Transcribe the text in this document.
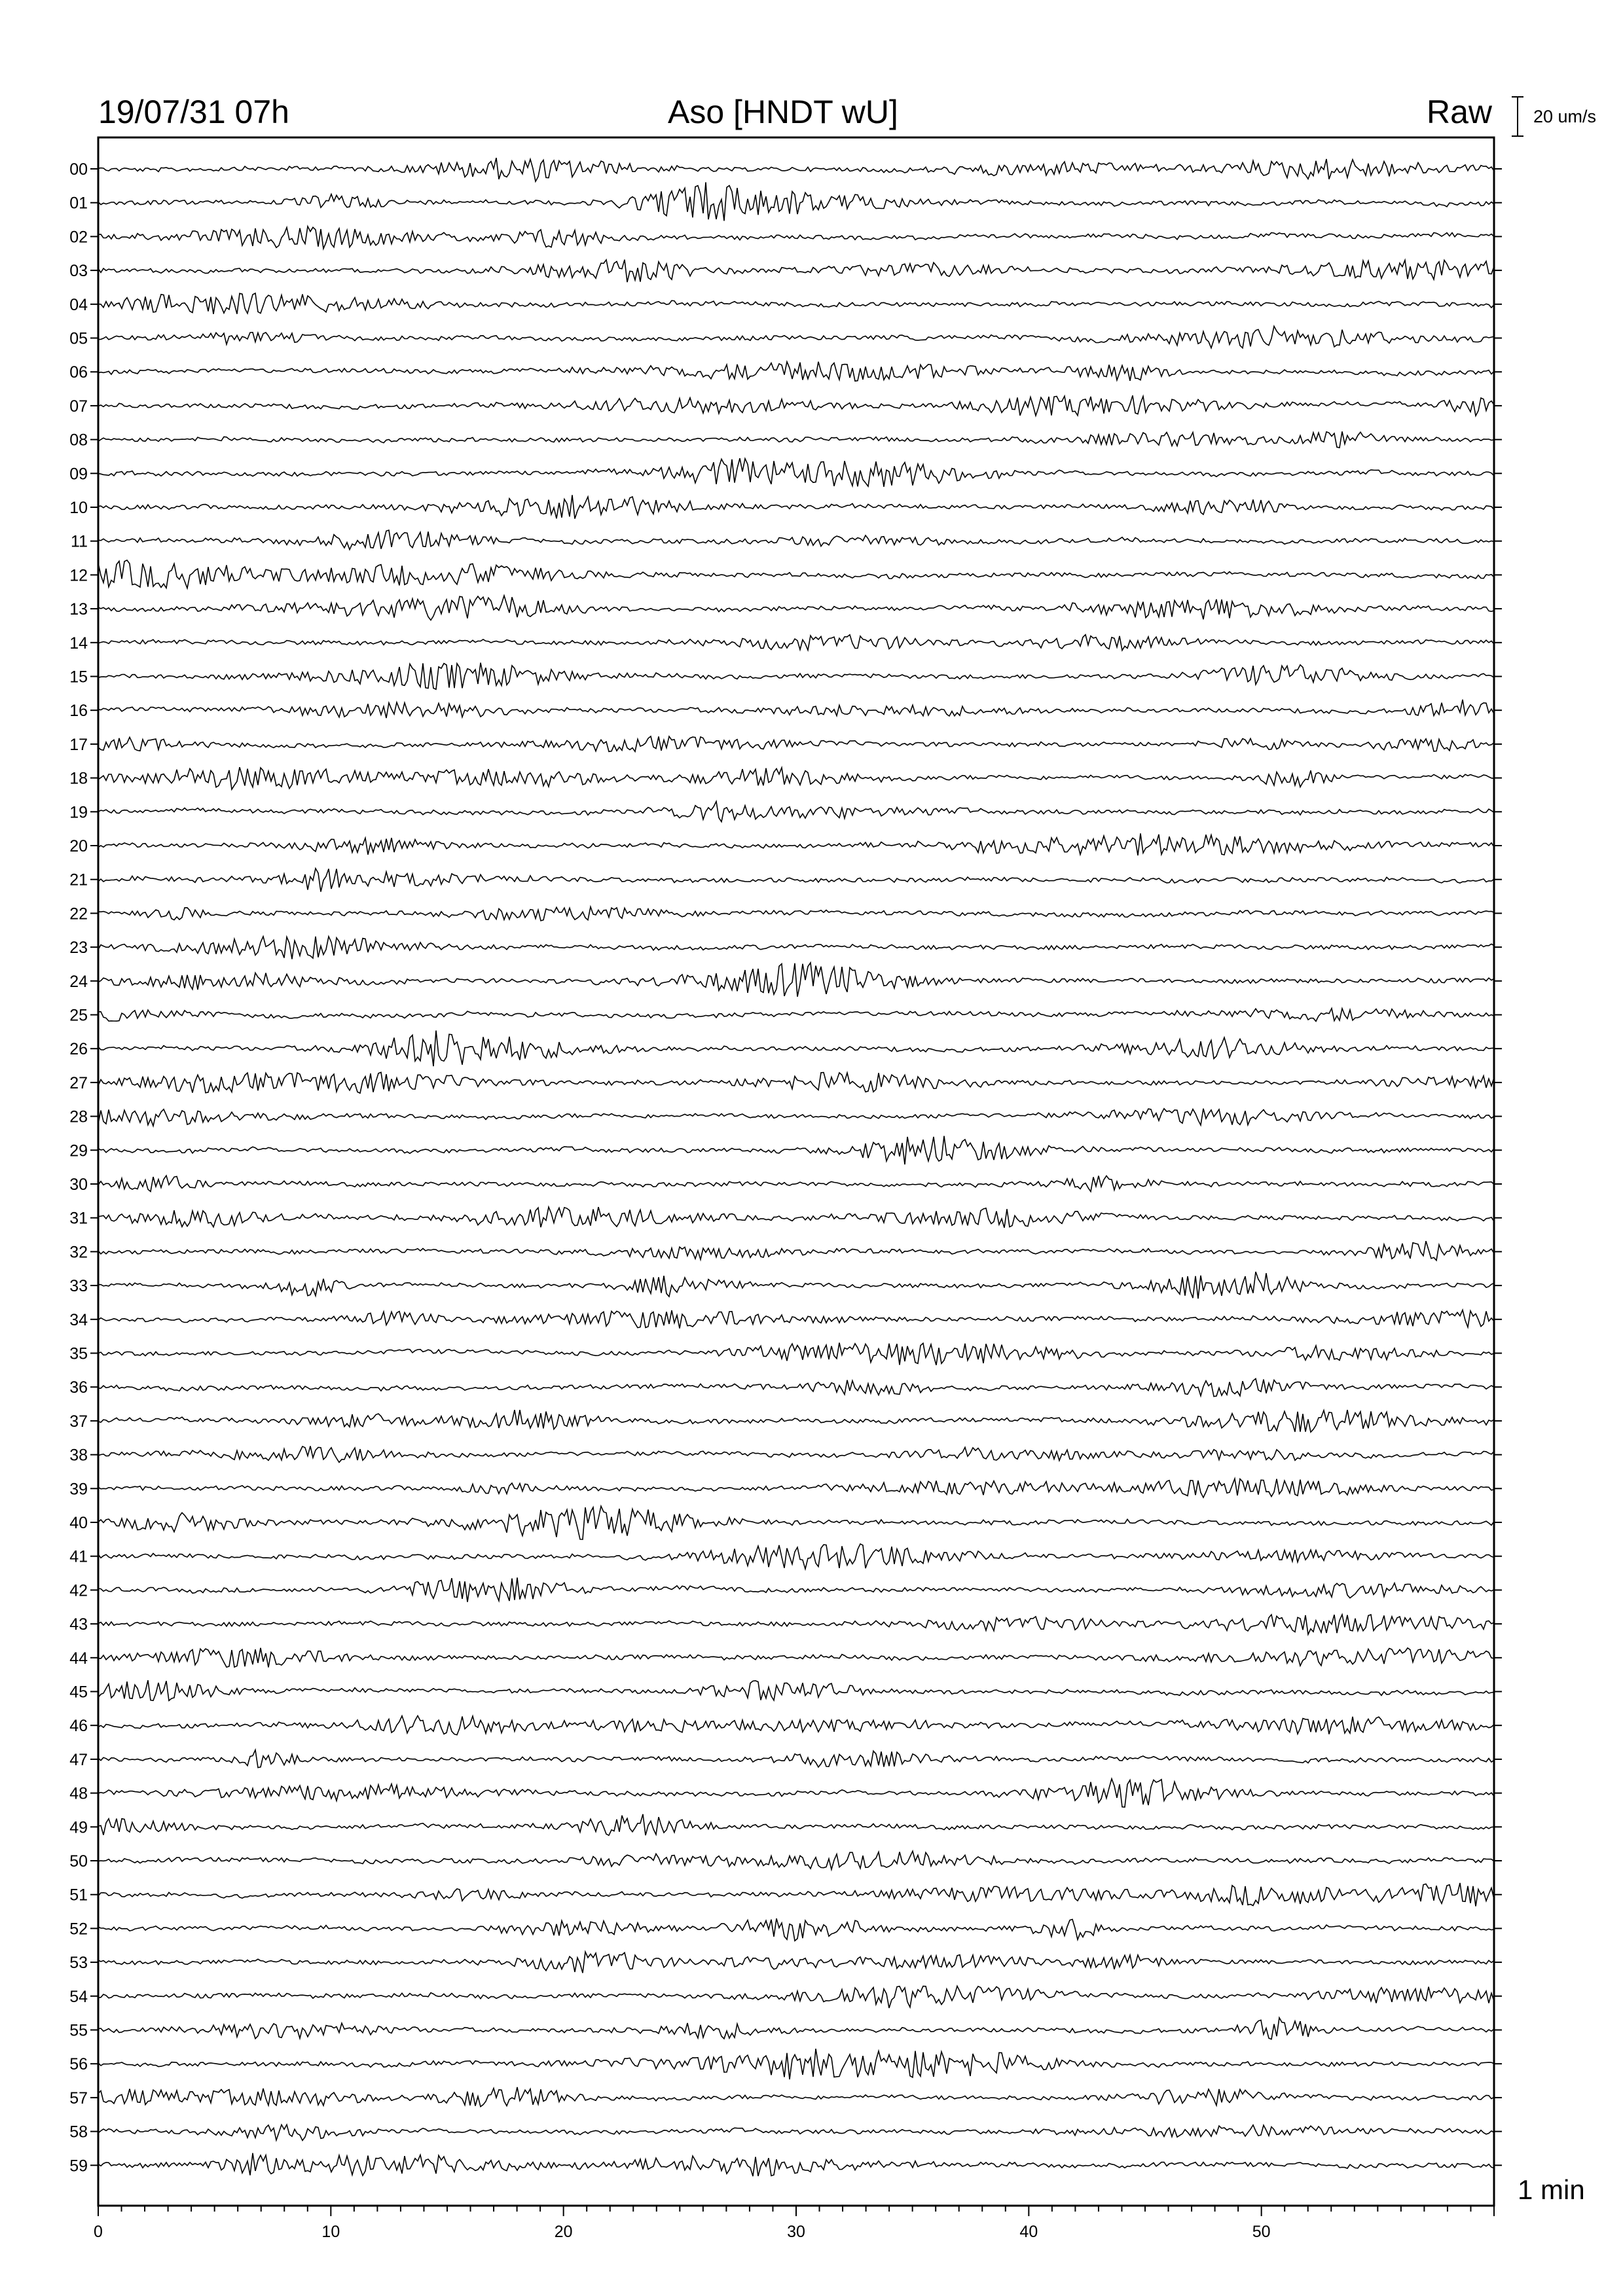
19/07/31 07h	Aso [HNDT wU]	Raw 20 um/s
1 min
00
01
02
03
04
05
06
07
08
09
10
11
12
13
14
15
16
17
18
19
20
21
22
23
24
25
26
27
28
29
30
31
32
33
34
35
36
37
38
39
40
41
42
43
44
45
46
47
48
49
50
51
52
53
54
55
56
57
58
59
0	10	20	30	40	50
